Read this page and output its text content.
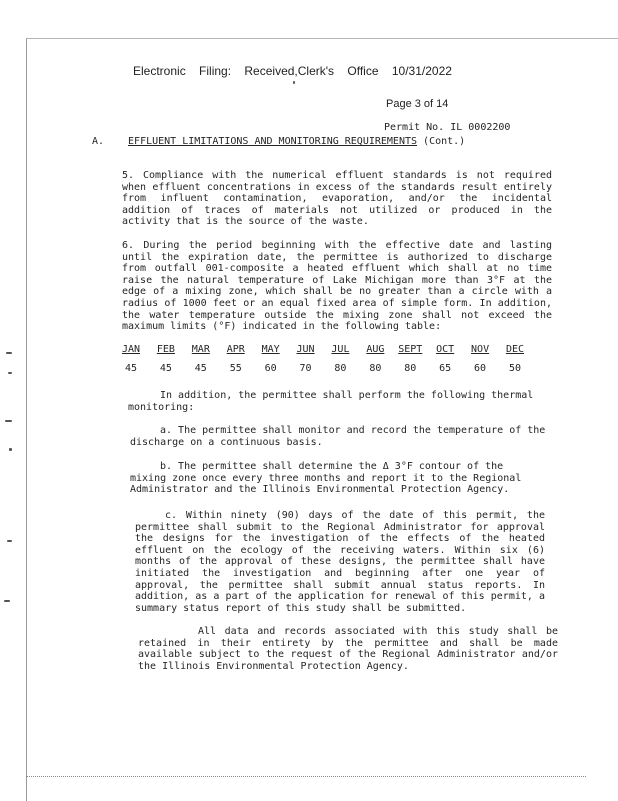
Electronic Filing: Received,Clerk's Office 10/31/2022
Page 3 of 14
Permit No. IL 0002200
A. EFFLUENT LIMITATIONS AND MONITORING REQUIREMENTS (Cont.)
5. Compliance with the numerical effluent standards is not required when effluent concentrations in excess of the standards result entirely from influent contamination, evaporation, and/or the incidental addition of traces of materials not utilized or produced in the activity that is the source of the waste.
6. During the period beginning with the effective date and lasting until the expiration date, the permittee is authorized to discharge from outfall 001-composite a heated effluent which shall at no time raise the natural temperature of Lake Michigan more than 3°F at the edge of a mixing zone, which shall be no greater than a circle with a radius of 1000 feet or an equal fixed area of simple form. In addition, the water temperature outside the mixing zone shall not exceed the maximum limits (°F) indicated in the following table:
JAN	FEB	MAR	APR	MAY	JUN	JUL	AUG	SEPT	OCT	NOV	DEC
45	45	45	55	60	70	80	80	80	65	60	50
In addition, the permittee shall perform the following thermal monitoring:
a. The permittee shall monitor and record the temperature of the discharge on a continuous basis.
b. The permittee shall determine the Δ 3°F contour of the mixing zone once every three months and report it to the Regional Administrator and the Illinois Environmental Protection Agency.
c. Within ninety (90) days of the date of this permit, the permittee shall submit to the Regional Administrator for approval the designs for the investigation of the effects of the heated effluent on the ecology of the receiving waters. Within six (6) months of the approval of these designs, the permittee shall have initiated the investigation and beginning after one year of approval, the permittee shall submit annual status reports. In addition, as a part of the application for renewal of this permit, a summary status report of this study shall be submitted.
All data and records associated with this study shall be retained in their entirety by the permittee and shall be made available subject to the request of the Regional Administrator and/or the Illinois Environmental Protection Agency.
